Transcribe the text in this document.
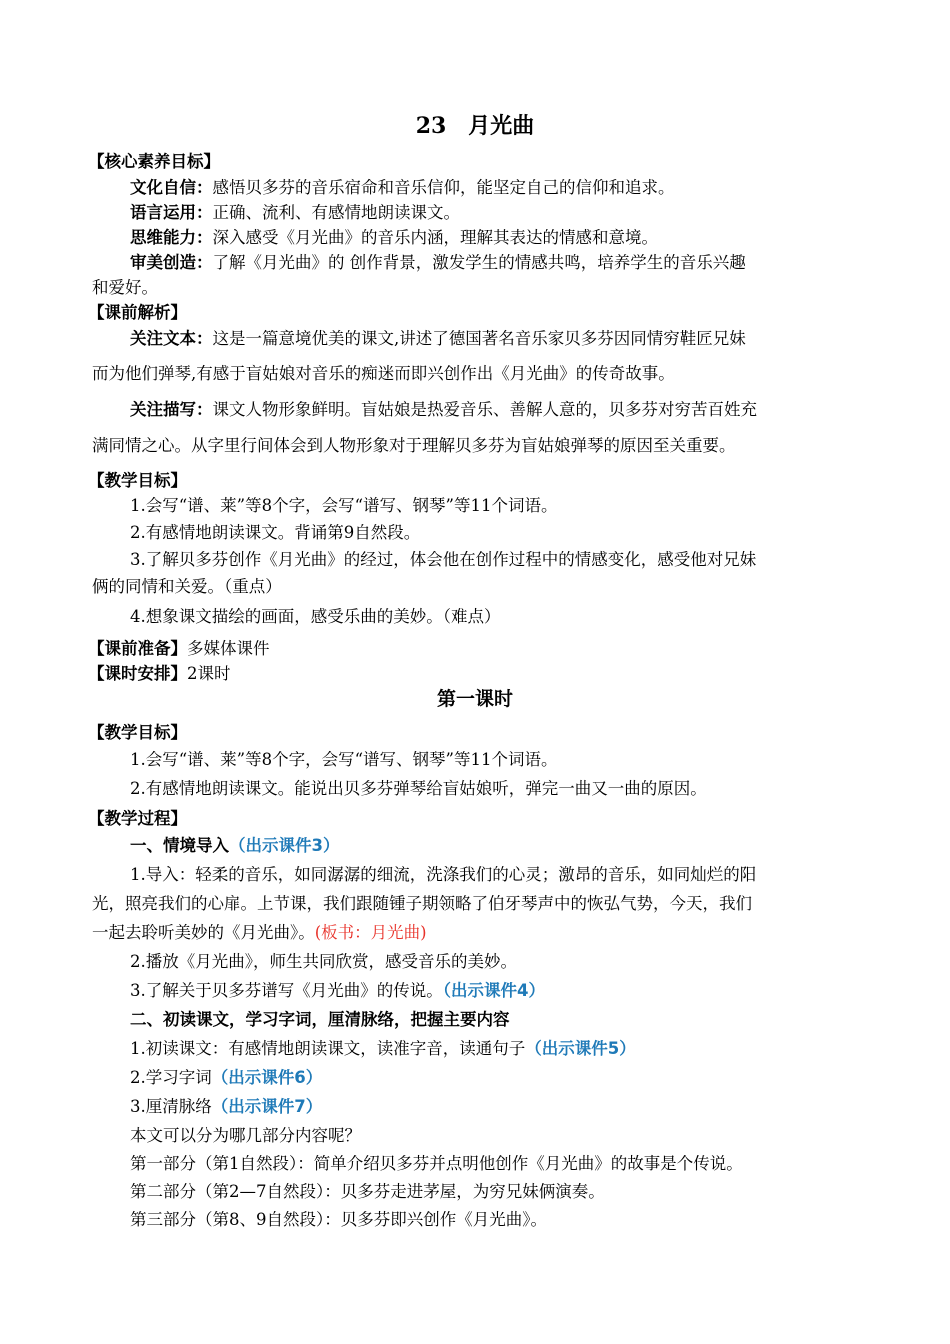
23　月光曲
【核心素养目标】
文化自信：感悟贝多芬的音乐宿命和音乐信仰，能坚定自己的信仰和追求。
语言运用：正确、流利、有感情地朗读课文。
思维能力：深入感受《月光曲》的音乐内涵，理解其表达的情感和意境。
审美创造：了解《月光曲》的 创作背景，激发学生的情感共鸣，培养学生的音乐兴趣
和爱好。
【课前解析】
关注文本：这是一篇意境优美的课文,讲述了德国著名音乐家贝多芬因同情穷鞋匠兄妹
而为他们弹琴,有感于盲姑娘对音乐的痴迷而即兴创作出《月光曲》的传奇故事。
关注描写：课文人物形象鲜明。盲姑娘是热爱音乐、善解人意的，贝多芬对穷苦百姓充
满同情之心。从字里行间体会到人物形象对于理解贝多芬为盲姑娘弹琴的原因至关重要。
【教学目标】
1.会写“谱、莱”等8个字，会写“谱写、钢琴”等11个词语。
2.有感情地朗读课文。背诵第9自然段。
3.了解贝多芬创作《月光曲》的经过，体会他在创作过程中的情感变化，感受他对兄妹
俩的同情和关爱。（重点）
4.想象课文描绘的画面，感受乐曲的美妙。（难点）
【课前准备】多媒体课件
【课时安排】2课时
第一课时
【教学目标】
1.会写“谱、莱”等8个字，会写“谱写、钢琴”等11个词语。
2.有感情地朗读课文。能说出贝多芬弹琴给盲姑娘听，弹完一曲又一曲的原因。
【教学过程】
一、情境导入（出示课件3）
1.导入：轻柔的音乐，如同潺潺的细流，洗涤我们的心灵；激昂的音乐，如同灿烂的阳
光，照亮我们的心扉。上节课，我们跟随锺子期领略了伯牙琴声中的恢弘气势，今天，我们
一起去聆听美妙的《月光曲》。(板书：月光曲)
2.播放《月光曲》，师生共同欣赏，感受音乐的美妙。
3.了解关于贝多芬谱写《月光曲》的传说。（出示课件4）
二、初读课文，学习字词，厘清脉络，把握主要内容
1.初读课文：有感情地朗读课文，读准字音，读通句子（出示课件5）
2.学习字词（出示课件6）
3.厘清脉络（出示课件7）
本文可以分为哪几部分内容呢？
第一部分（第1自然段）：简单介绍贝多芬并点明他创作《月光曲》的故事是个传说。
第二部分（第2—7自然段）：贝多芬走进茅屋，为穷兄妹俩演奏。
第三部分（第8、9自然段）：贝多芬即兴创作《月光曲》。
